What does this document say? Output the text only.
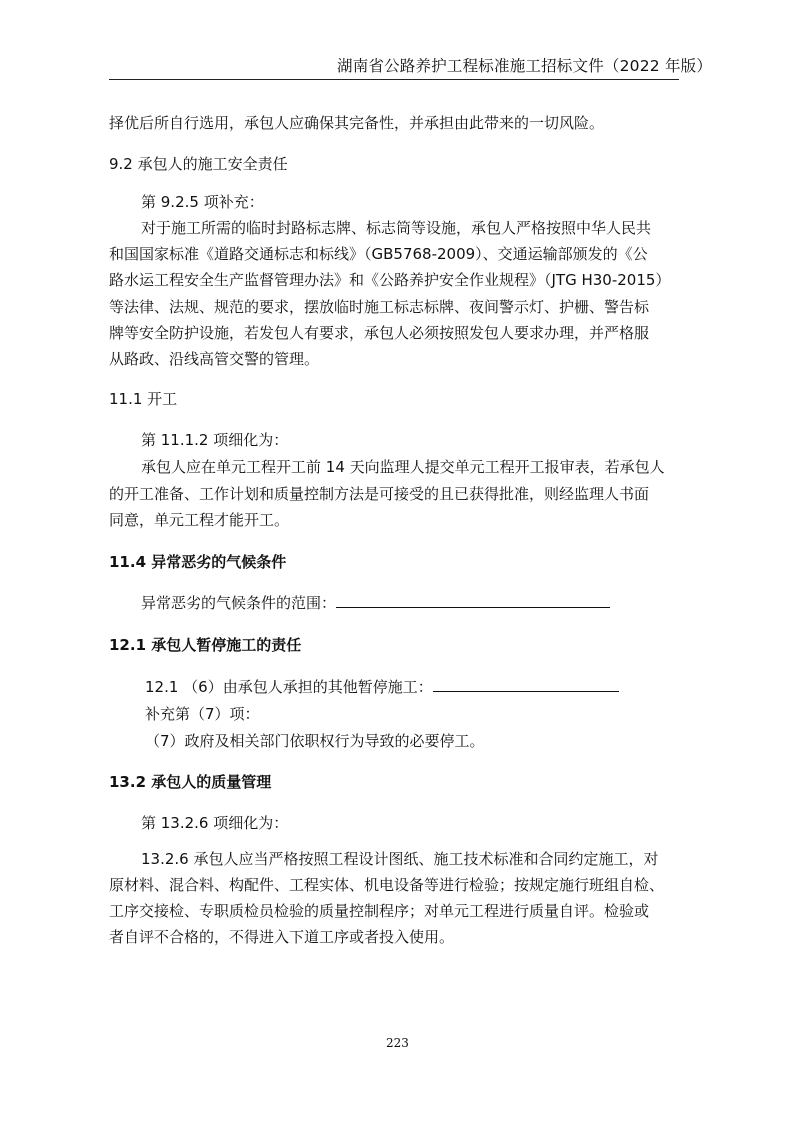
湖南省公路养护工程标准施工招标文件（2022 年版）
择优后所自行选用，承包人应确保其完备性，并承担由此带来的一切风险。
9.2 承包人的施工安全责任
第 9.2.5 项补充：
对于施工所需的临时封路标志牌、标志筒等设施，承包人严格按照中华人民共
和国国家标准《道路交通标志和标线》（GB5768-2009）、交通运输部颁发的《公
路水运工程安全生产监督管理办法》和《公路养护安全作业规程》（JTG H30-2015）
等法律、法规、规范的要求，摆放临时施工标志标牌、夜间警示灯、护栅、警告标
牌等安全防护设施，若发包人有要求，承包人必须按照发包人要求办理，并严格服
从路政、沿线高管交警的管理。
11.1 开工
第 11.1.2 项细化为：
承包人应在单元工程开工前 14 天向监理人提交单元工程开工报审表，若承包人
的开工准备、工作计划和质量控制方法是可接受的且已获得批准，则经监理人书面
同意，单元工程才能开工。
11.4 异常恶劣的气候条件
异常恶劣的气候条件的范围：
12.1 承包人暂停施工的责任
12.1 （6）由承包人承担的其他暂停施工：
补充第（7）项：
（7）政府及相关部门依职权行为导致的必要停工。
13.2 承包人的质量管理
第 13.2.6 项细化为：
13.2.6 承包人应当严格按照工程设计图纸、施工技术标准和合同约定施工，对
原材料、混合料、构配件、工程实体、机电设备等进行检验；按规定施行班组自检、
工序交接检、专职质检员检验的质量控制程序；对单元工程进行质量自评。检验或
者自评不合格的，不得进入下道工序或者投入使用。
223
